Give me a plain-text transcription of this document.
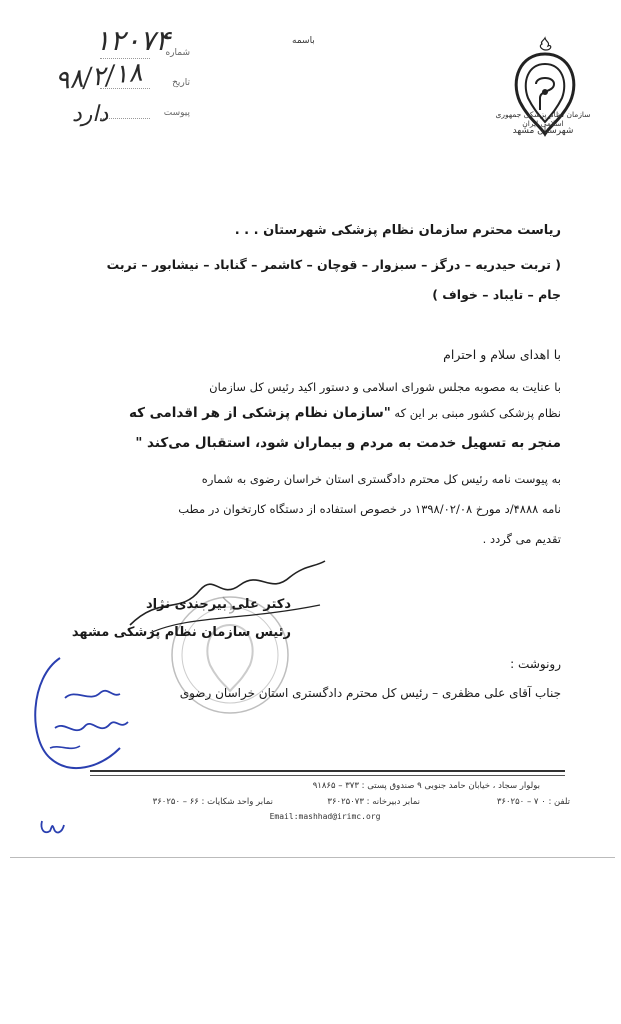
باسمه
شماره
تاریخ
پیوست
۱۲۰۷۴
۹۸/۲/۱۸
دارد	سازمان نظام پزشکی جمهوری اسلامی ایران
شهرستان مشهد
ریاست محترم سازمان نظام پزشکی شهرستان . . .
( تربت حیدریه – درگز – سبزوار – قوچان – کاشمر – گناباد – نیشابور – تربت
جام – تایباد – خواف )
با اهدای سلام و احترام
با عنایت به مصوبه مجلس شورای اسلامی و دستور اکید رئیس کل سازمان
نظام پزشکی کشور مبنی بر این که "سازمان نظام پزشکی از هر اقدامی که
منجر به تسهیل خدمت به مردم و بیماران شود، استقبال می‌کند "
به پیوست نامه رئیس کل محترم دادگستری استان خراسان رضوی به شماره
نامه ۴۸۸۸/د مورخ ۱۳۹۸/۰۲/۰۸ در خصوص استفاده از دستگاه کارتخوان در مطب
تقدیم می گردد .
دکتر علی بیرجندی نژاد
رئیس سازمان نظام پزشکی مشهد
رونوشت :
جناب آقای علی مظفری – رئیس کل محترم دادگستری استان خراسان رضوی
بولوار سجاد ، خیابان حامد جنوبی ۹ صندوق پستی : ۳۷۳ – ۹۱۸۶۵
تلفن : ۰ ۷ – ۳۶۰۲۵۰
نمابر دبیرخانه : ۳۶۰۲۵۰۷۳
نمابر واحد شکایات : ۶۶ – ۳۶۰۲۵۰
Email:mashhad@irimc.org
